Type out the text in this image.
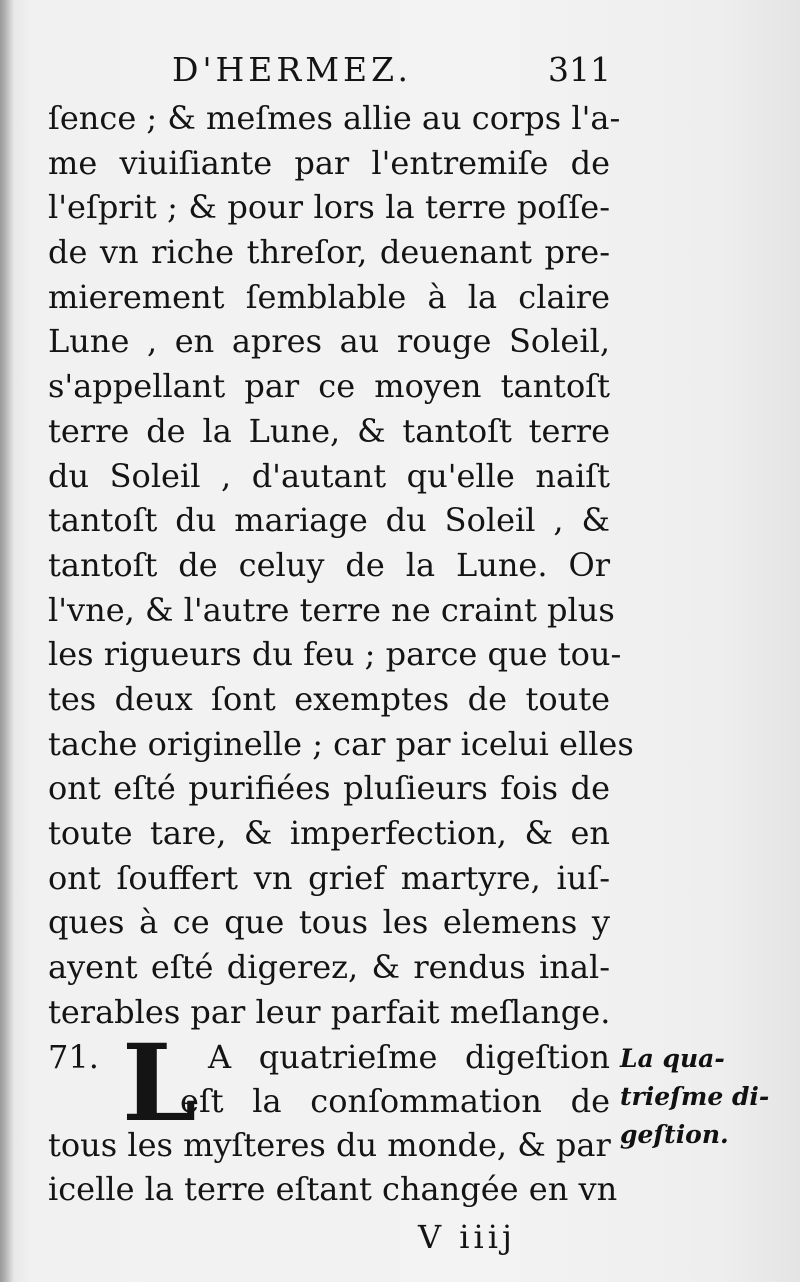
D'HERMEZ.	311
ſence ; & meſmes allie au corps l'a-
me viuiſiante par l'entremiſe de
l'eſprit ; & pour lors la terre poſſe-
de vn riche threſor, deuenant pre-
mierement ſemblable à la claire
Lune , en apres au rouge Soleil,
s'appellant par ce moyen tantoſt
terre de la Lune, & tantoſt terre
du Soleil , d'autant qu'elle naiſt
tantoſt du mariage du Soleil , &
tantoſt de celuy de la Lune. Or
l'vne, & l'autre terre ne craint plus
les rigueurs du feu ; parce que tou-
tes deux ſont exemptes de toute
tache originelle ; car par icelui elles
ont eſté purifiées pluſieurs fois de
toute tare, & imperfection, & en
ont ſouffert vn grief martyre, iuſ-
ques à ce que tous les elemens y
ayent eſté digerez, & rendus inal-
terables par leur parfait meſlange.
71. L A quatrieſme digeſtion
eſt la conſommation de
tous les myſteres du monde, & par
icelle la terre eſtant changée en vn
La qua-
trieſme di-
geſtion.
V iiij
